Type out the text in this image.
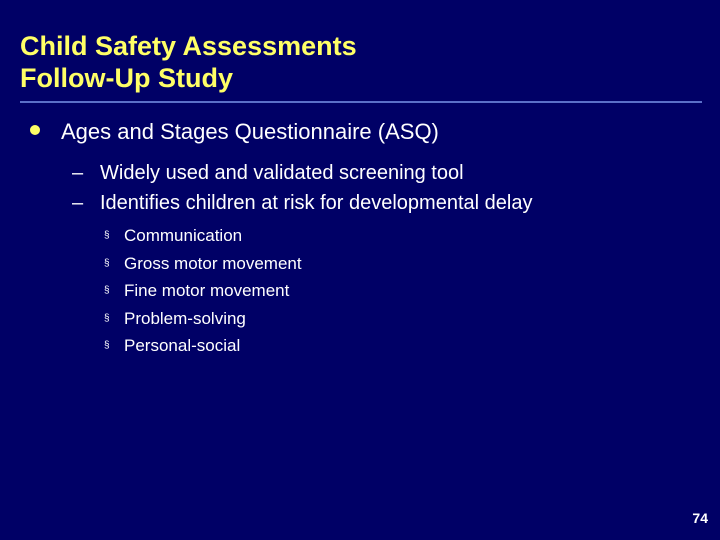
Child Safety Assessments
Follow-Up Study
Ages and Stages Questionnaire (ASQ)
– Widely used and validated screening tool
– Identifies children at risk for developmental delay
§ Communication
§ Gross motor movement
§ Fine motor movement
§ Problem-solving
§ Personal-social
74
